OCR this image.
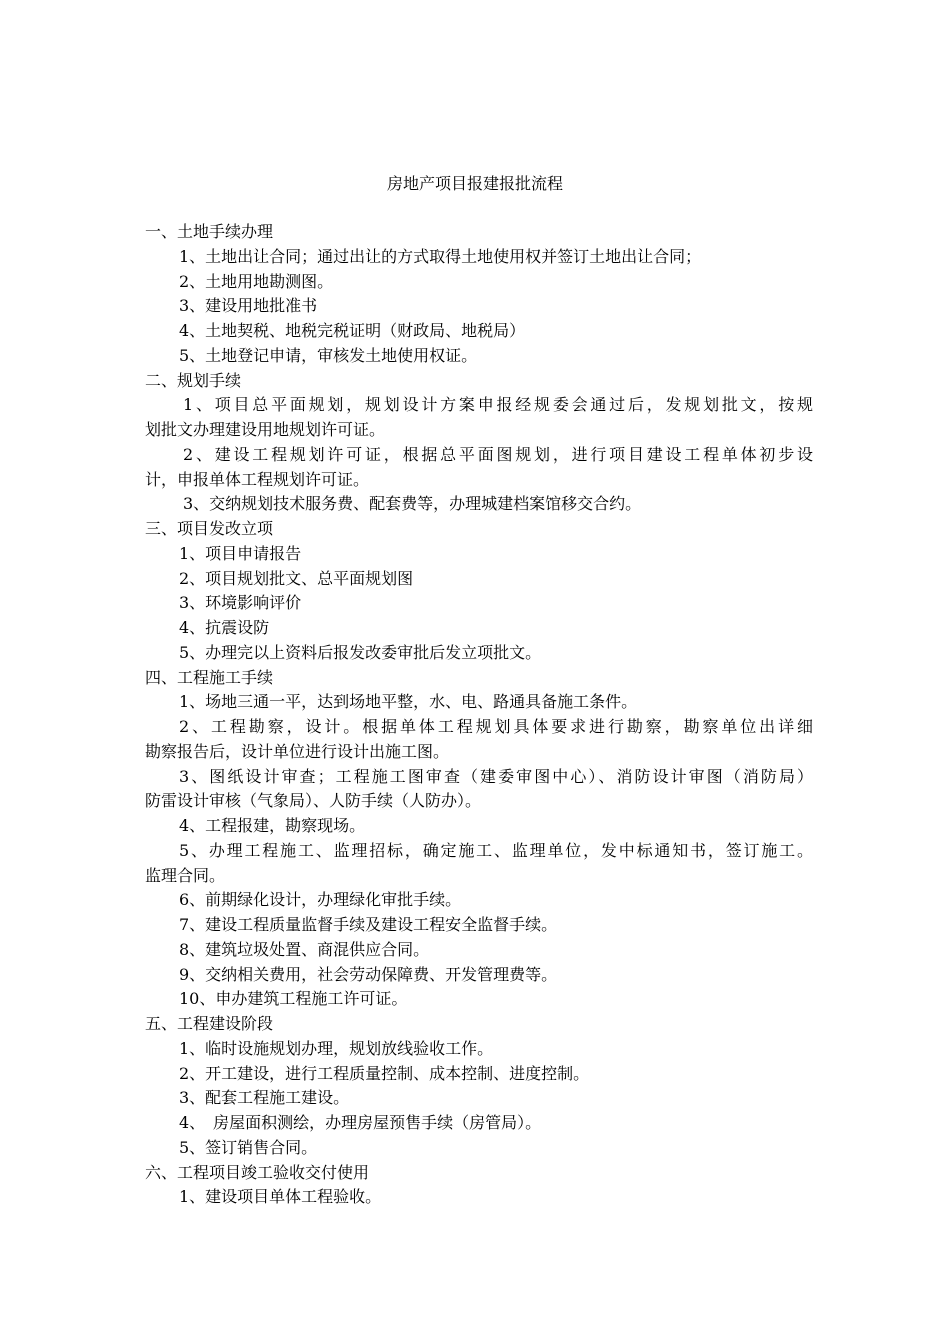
房地产项目报建报批流程

一、土地手续办理

1、土地出让合同；通过出让的方式取得土地使用权并签订土地出让合同；

2、土地用地勘测图。

3、建设用地批准书

4、土地契税、地税完税证明（财政局、地税局）

5、土地登记申请，审核发土地使用权证。

二、规划手续

1、项目总平面规划，规划设计方案申报经规委会通过后，发规划批文，按规

划批文办理建设用地规划许可证。

2、建设工程规划许可证，根据总平面图规划，进行项目建设工程单体初步设

计，申报单体工程规划许可证。

3、交纳规划技术服务费、配套费等，办理城建档案馆移交合约。

三、项目发改立项

1、项目申请报告

2、项目规划批文、总平面规划图

3、环境影响评价

4、抗震设防

5、办理完以上资料后报发改委审批后发立项批文。

四、工程施工手续

1、场地三通一平，达到场地平整，水、电、路通具备施工条件。

2、工程勘察，设计。根据单体工程规划具体要求进行勘察，勘察单位出详细

勘察报告后，设计单位进行设计出施工图。

3、图纸设计审查；工程施工图审查（建委审图中心）、消防设计审图（消防局）

防雷设计审核（气象局）、人防手续（人防办）。

4、工程报建，勘察现场。

5、办理工程施工、监理招标，确定施工、监理单位，发中标通知书，签订施工。

监理合同。

6、前期绿化设计，办理绿化审批手续。

7、建设工程质量监督手续及建设工程安全监督手续。

8、建筑垃圾处置、商混供应合同。

9、交纳相关费用，社会劳动保障费、开发管理费等。

10、申办建筑工程施工许可证。

五、工程建设阶段

1、临时设施规划办理，规划放线验收工作。

2、开工建设，进行工程质量控制、成本控制、进度控制。

3、配套工程施工建设。

4、　房屋面积测绘，办理房屋预售手续（房管局）。

5、签订销售合同。

六、工程项目竣工验收交付使用

1、建设项目单体工程验收。
